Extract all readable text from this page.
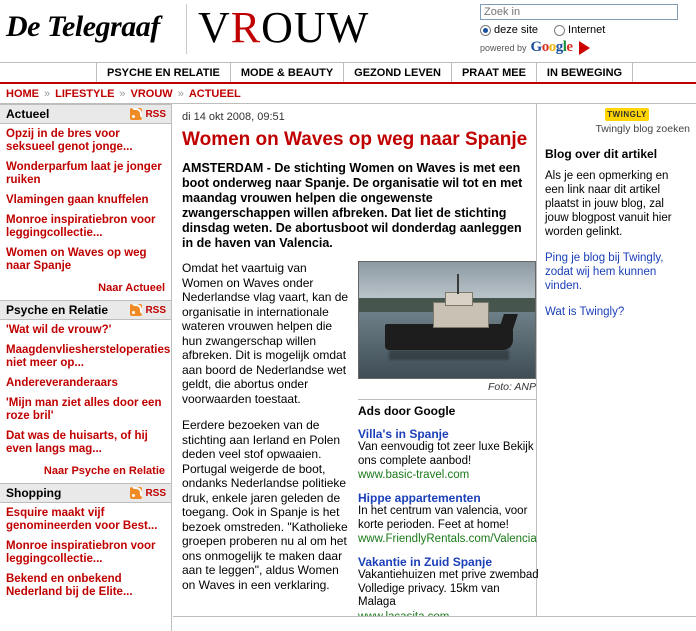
De Telegraaf VROUW
Zoek in	deze site	Internet
powered by Google
PSYCHE EN RELATIE	MODE & BEAUTY	GEZOND LEVEN	PRAAT MEE	IN BEWEGING
HOME » LIFESTYLE » VROUW » ACTUEEL
Actueel	RSS
Opzij in de bres voor seksueel genot jonge...
Wonderparfum laat je jonger ruiken
Vlamingen gaan knuffelen
Monroe inspiratiebron voor leggingcollectie...
Women on Waves op weg naar Spanje
Naar Actueel
Psyche en Relatie	RSS
'Wat wil de vrouw?'
Maagdenvlieshersteloperaties niet meer op...
Andereveranderaars
'Mijn man ziet alles door een roze bril'
Dat was de huisarts, of hij even langs mag...
Naar Psyche en Relatie
Shopping	RSS
Esquire maakt vijf genomineerden voor Best...
Monroe inspiratiebron voor leggingcollectie...
Bekend en onbekend Nederland bij de Elite...
di 14 okt 2008, 09:51
Women on Waves op weg naar Spanje
AMSTERDAM - De stichting Women on Waves is met een boot onderweg naar Spanje. De organisatie wil tot en met maandag vrouwen helpen die ongewenste zwangerschappen willen afbreken. Dat liet de stichting dinsdag weten. De abortusboot wil donderdag aanleggen in de haven van Valencia.

Omdat het vaartuig van Women on Waves onder Nederlandse vlag vaart, kan de organisatie in internationale wateren vrouwen helpen die hun zwangerschap willen afbreken. Dit is mogelijk omdat aan boord de Nederlandse wet geldt, die abortus onder voorwaarden toestaat.

Eerdere bezoeken van de stichting aan Ierland en Polen deden veel stof opwaaien. Portugal weigerde de boot, ondanks Nederlandse politieke druk, enkele jaren geleden de toegang. Ook in Spanje is het bezoek omstreden. "Katholieke groepen proberen nu al om het ons onmogelijk te maken daar aan te leggen", aldus Women on Waves in een verklaring.

Foto: ANP
Ads door Google
Villa's in Spanje
Van eenvoudig tot zeer luxe Bekijk ons complete aanbod!
www.basic-travel.com
Hippe appartementen
In het centrum van valencia, voor korte perioden. Feet at home!
www.FriendlyRentals.com/Valencia
Vakantie in Zuid Spanje
Vakantiehuizen met prive zwembad Volledige privacy. 15km van Malaga
TWINGLY
Twingly blog zoeken
Blog over dit artikel
Als je een opmerking en een link naar dit artikel plaatst in jouw blog, zal jouw blogpost vanuit hier worden gelinkt.
Ping je blog bij Twingly, zodat wij hem kunnen vinden.
Wat is Twingly?
